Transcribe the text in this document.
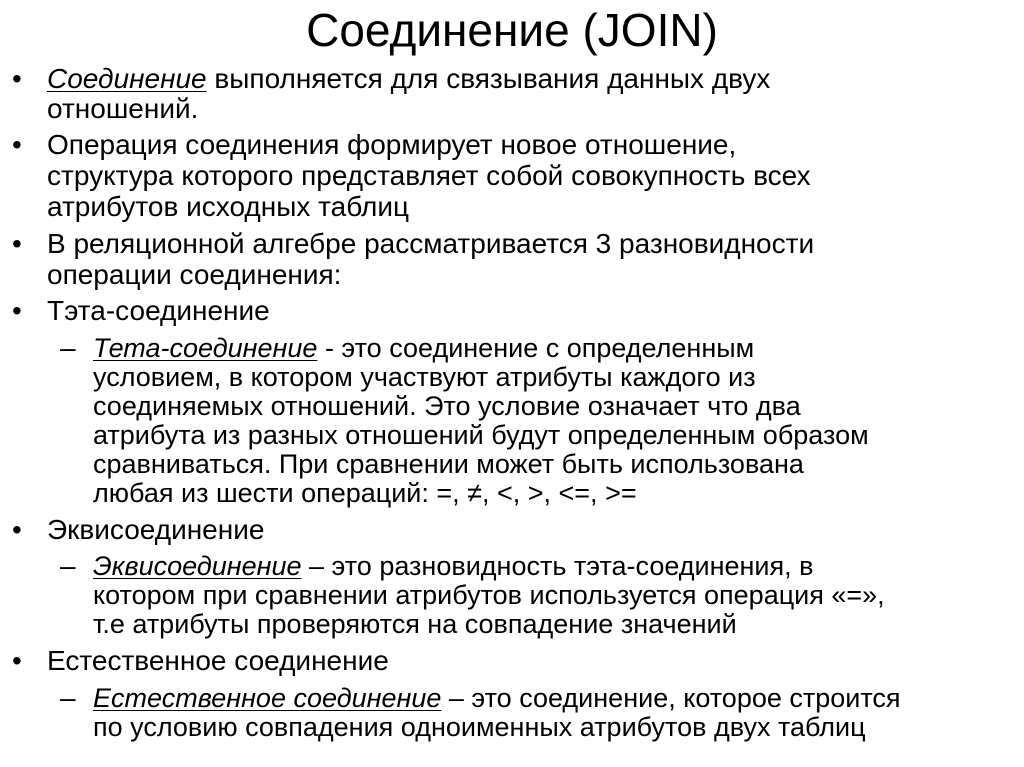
Соединение (JOIN)
• Соединение выполняется для связывания данных двух
отношений.
• Операция соединения формирует новое отношение,
структура которого представляет собой совокупность всех
атрибутов исходных таблиц
• В реляционной алгебре рассматривается 3 разновидности
операции соединения:
• Тэта-соединение
– Тета-соединение - это соединение с определенным
условием, в котором участвуют атрибуты каждого из
соединяемых отношений. Это условие означает что два
атрибута из разных отношений будут определенным образом
сравниваться. При сравнении может быть использована
любая из шести операций: =, ≠, <, >, <=, >=
• Эквисоединение
– Эквисоединение – это разновидность тэта-соединения, в
котором при сравнении атрибутов используется операция «=»,
т.е атрибуты проверяются на совпадение значений
• Естественное соединение
– Естественное соединение – это соединение, которое строится
по условию совпадения одноименных атрибутов двух таблиц
